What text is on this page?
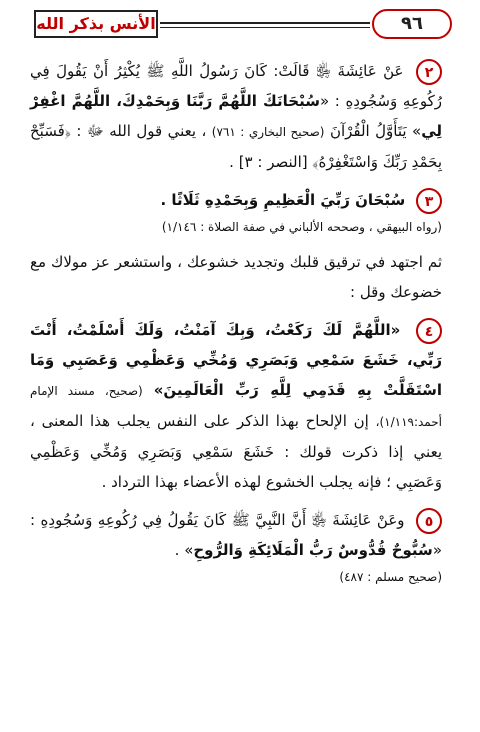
الأنس بذكر الله	٩٦

٢ عَنْ عَائِشَةَ ﵂ قَالَتْ: كَانَ رَسُولُ اللَّهِ ﷺ يُكْثِرُ أَنْ يَقُولَ فِي رُكُوعِهِ وَسُجُودِهِ : «سُبْحَانَكَ اللَّهُمَّ رَبَّنَا وَبِحَمْدِكَ، اللَّهُمَّ اغْفِرْ لِي» يَتَأَوَّلُ الْقُرْآنَ (صحيح البخاري : ٧٦١) ، يعني قول الله ﷻ : ﴿فَسَبِّحْ بِحَمْدِ رَبِّكَ وَاسْتَغْفِرْهُ﴾ [النصر : ٣] .

٣ سُبْحَانَ رَبِّيَ الْعَظِيمِ وَبِحَمْدِهِ ثَلَاثًا .

(رواه البيهقي ، وصححه الألباني في صفة الصلاة : ١/١٤٦)

ثم اجتهد في ترقيق قلبك وتجديد خشوعك ، واستشعر عز مولاك مع خضوعك وقل :

٤ «اللَّهُمَّ لَكَ رَكَعْتُ، وَبِكَ آمَنْتُ، وَلَكَ أَسْلَمْتُ، أَنْتَ رَبِّي، خَشَعَ سَمْعِي وَبَصَرِي وَمُخِّي وَعَظْمِي وَعَصَبِي وَمَا اسْتَقَلَّتْ بِهِ قَدَمِي لِلَّهِ رَبِّ الْعَالَمِينَ» (صحيح، مسند الإمام أحمد:١/١١٩)، إن الإلحاح بهذا الذكر على النفس يجلب هذا المعنى ، يعني إذا ذكرت قولك : خَشَعَ سَمْعِي وَبَصَرِي وَمُخِّي وَعَظْمِي وَعَصَبِي ؛ فإنه يجلب الخشوع لهذه الأعضاء بهذا الترداد .

٥ وعَنْ عَائِشَةَ ﵂ أَنَّ النَّبِيَّ ﷺ كَانَ يَقُولُ فِي رُكُوعِهِ وَسُجُودِهِ : «سُبُّوحٌ قُدُّوسٌ رَبُّ الْمَلَائِكَةِ وَالرُّوحِ» .

(صحيح مسلم : ٤٨٧)
